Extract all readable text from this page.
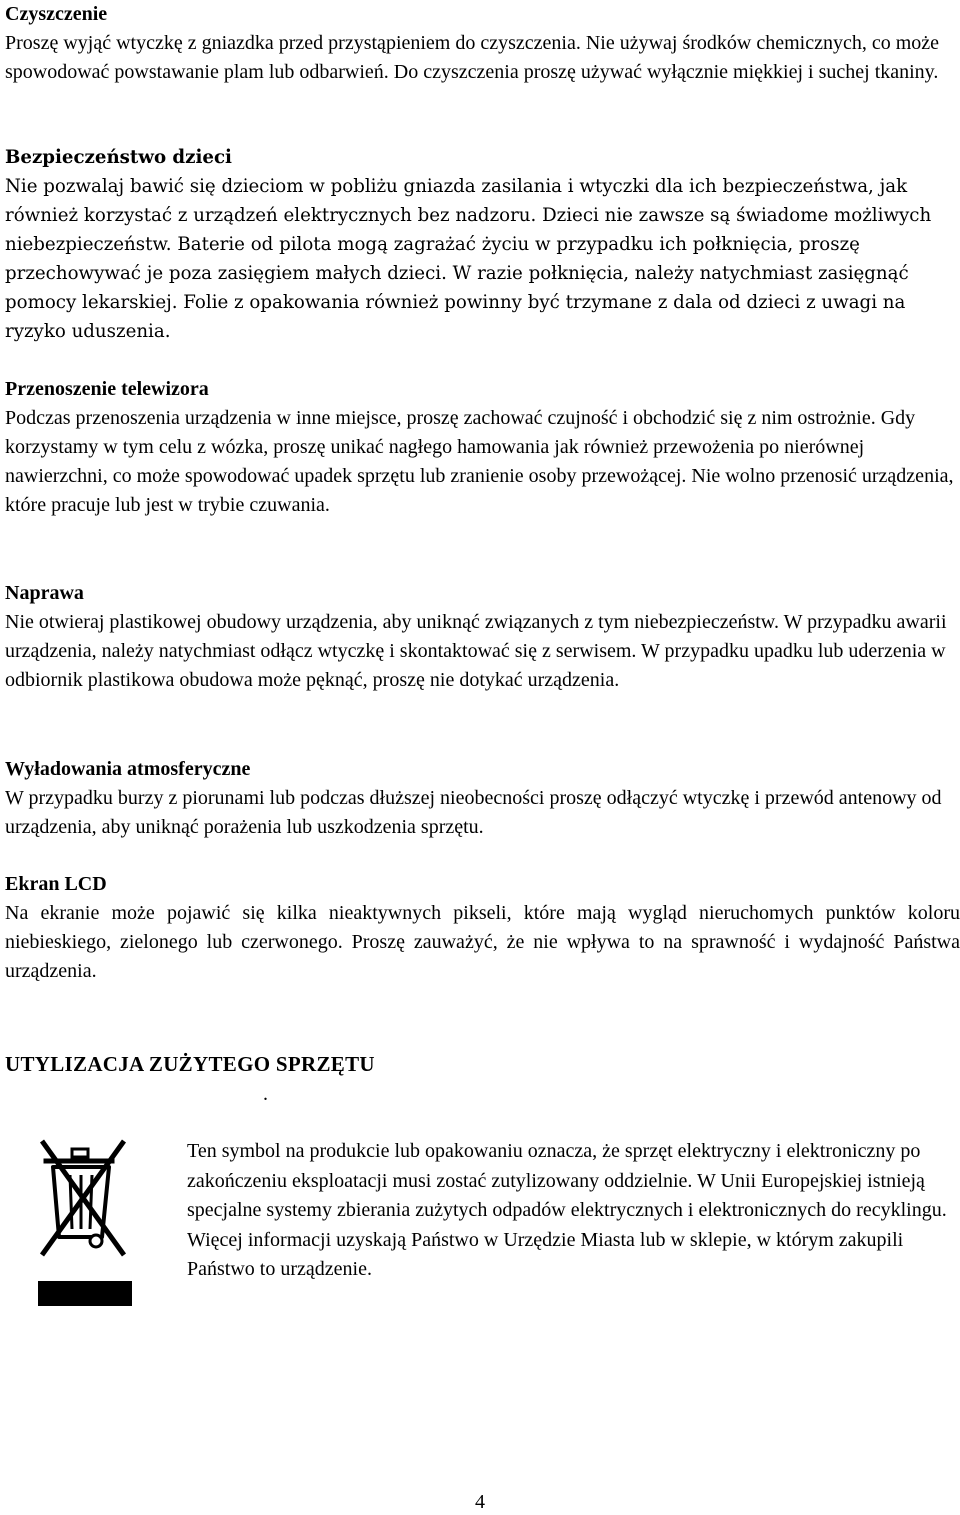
Czyszczenie

Proszę wyjąć wtyczkę z gniazdka przed przystąpieniem do czyszczenia. Nie używaj środków chemicznych, co może spowodować powstawanie plam lub odbarwień. Do czyszczenia proszę używać wyłącznie miękkiej i suchej tkaniny.

Bezpieczeństwo dzieci

Nie pozwalaj bawić się dzieciom w pobliżu gniazda zasilania i wtyczki dla ich bezpieczeństwa, jak również korzystać z urządzeń elektrycznych bez nadzoru. Dzieci nie zawsze są świadome możliwych niebezpieczeństw. Baterie od pilota mogą zagrażać życiu w przypadku ich połknięcia, proszę przechowywać je poza zasięgiem małych dzieci. W razie połknięcia, należy natychmiast zasięgnąć pomocy lekarskiej. Folie z opakowania również powinny być trzymane z dala od dzieci z uwagi na ryzyko uduszenia.

Przenoszenie telewizora

Podczas przenoszenia urządzenia w inne miejsce, proszę zachować czujność i obchodzić się z nim ostrożnie. Gdy korzystamy w tym celu z wózka, proszę unikać nagłego hamowania jak również przewożenia po nierównej nawierzchni, co może spowodować upadek sprzętu lub zranienie osoby przewożącej. Nie wolno przenosić urządzenia, które pracuje lub jest w trybie czuwania.

Naprawa

Nie otwieraj plastikowej obudowy urządzenia, aby uniknąć związanych z tym niebezpieczeństw. W przypadku awarii urządzenia, należy natychmiast odłącz wtyczkę i skontaktować się z serwisem. W przypadku upadku lub uderzenia w odbiornik plastikowa obudowa może pęknąć, proszę nie dotykać urządzenia.

Wyładowania atmosferyczne

W przypadku burzy z piorunami lub podczas dłuższej nieobecności proszę odłączyć wtyczkę i przewód antenowy od urządzenia, aby uniknąć porażenia lub uszkodzenia sprzętu.

Ekran LCD

Na ekranie może pojawić się kilka nieaktywnych pikseli, które mają wygląd nieruchomych punktów koloru niebieskiego, zielonego lub czerwonego. Proszę zauważyć, że nie wpływa to na sprawność i wydajność Państwa urządzenia.

UTYLIZACJA ZUŻYTEGO SPRZĘTU
.
Ten symbol na produkcie lub opakowaniu oznacza, że sprzęt elektryczny i elektroniczny po zakończeniu eksploatacji musi zostać zutylizowany oddzielnie. W Unii Europejskiej istnieją specjalne systemy zbierania zużytych odpadów elektrycznych i elektronicznych do recyklingu. Więcej informacji uzyskają Państwo w Urzędzie Miasta lub w sklepie, w którym zakupili Państwo to urządzenie.
4
